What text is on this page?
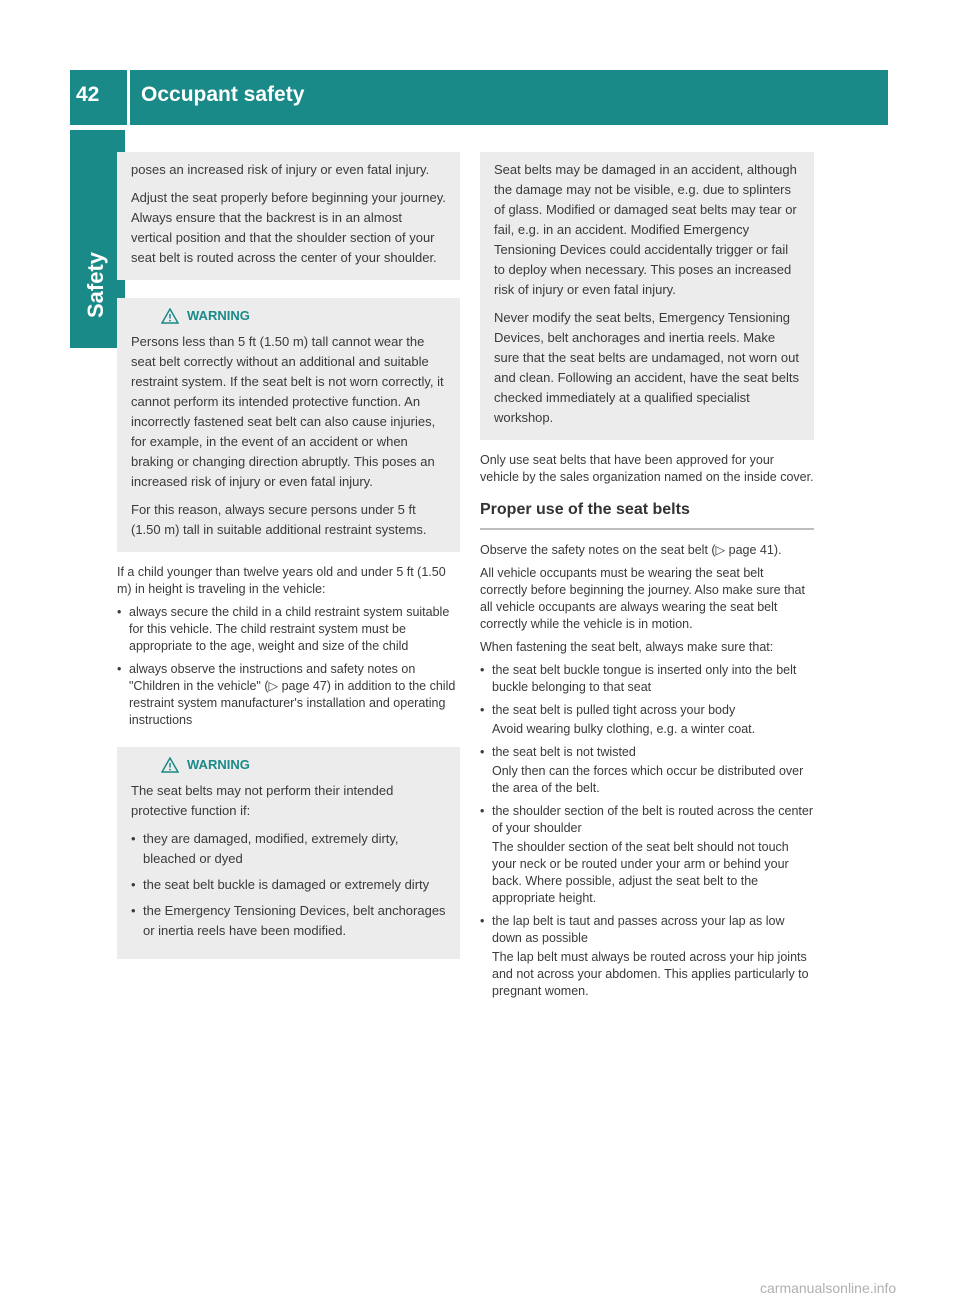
42 Occupant safety
Safety

poses an increased risk of injury or even fatal injury.

Adjust the seat properly before beginning your journey. Always ensure that the backrest is in an almost vertical position and that the shoulder section of your seat belt is routed across the center of your shoulder.

WARNING

Persons less than 5 ft (1.50 m) tall cannot wear the seat belt correctly without an additional and suitable restraint system. If the seat belt is not worn correctly, it cannot perform its intended protective function. An incorrectly fastened seat belt can also cause injuries, for example, in the event of an accident or when braking or changing direction abruptly. This poses an increased risk of injury or even fatal injury.

For this reason, always secure persons under 5 ft (1.50 m) tall in suitable additional restraint systems.

If a child younger than twelve years old and under 5 ft (1.50 m) in height is traveling in the vehicle:

• always secure the child in a child restraint system suitable for this vehicle. The child restraint system must be appropriate to the age, weight and size of the child
• always observe the instructions and safety notes on "Children in the vehicle" (▷ page 47) in addition to the child restraint system manufacturer's installation and operating instructions
WARNING

The seat belts may not perform their intended protective function if:

• they are damaged, modified, extremely dirty, bleached or dyed
• the seat belt buckle is damaged or extremely dirty
• the Emergency Tensioning Devices, belt anchorages or inertia reels have been modified.

Seat belts may be damaged in an accident, although the damage may not be visible, e.g. due to splinters of glass. Modified or damaged seat belts may tear or fail, e.g. in an accident. Modified Emergency Tensioning Devices could accidentally trigger or fail to deploy when necessary. This poses an increased risk of injury or even fatal injury.

Never modify the seat belts, Emergency Tensioning Devices, belt anchorages and inertia reels. Make sure that the seat belts are undamaged, not worn out and clean. Following an accident, have the seat belts checked immediately at a qualified specialist workshop.

Only use seat belts that have been approved for your vehicle by the sales organization named on the inside cover.

Proper use of the seat belts

Observe the safety notes on the seat belt (▷ page 41).

All vehicle occupants must be wearing the seat belt correctly before beginning the journey. Also make sure that all vehicle occupants are always wearing the seat belt correctly while the vehicle is in motion.

When fastening the seat belt, always make sure that:

• the seat belt buckle tongue is inserted only into the belt buckle belonging to that seat
• the seat belt is pulled tight across your body
Avoid wearing bulky clothing, e.g. a winter coat.
• the seat belt is not twisted
Only then can the forces which occur be distributed over the area of the belt.
• the shoulder section of the belt is routed across the center of your shoulder
The shoulder section of the seat belt should not touch your neck or be routed under your arm or behind your back. Where possible, adjust the seat belt to the appropriate height.
• the lap belt is taut and passes across your lap as low down as possible
The lap belt must always be routed across your hip joints and not across your abdomen. This applies particularly to pregnant women.
carmanualsonline.info
